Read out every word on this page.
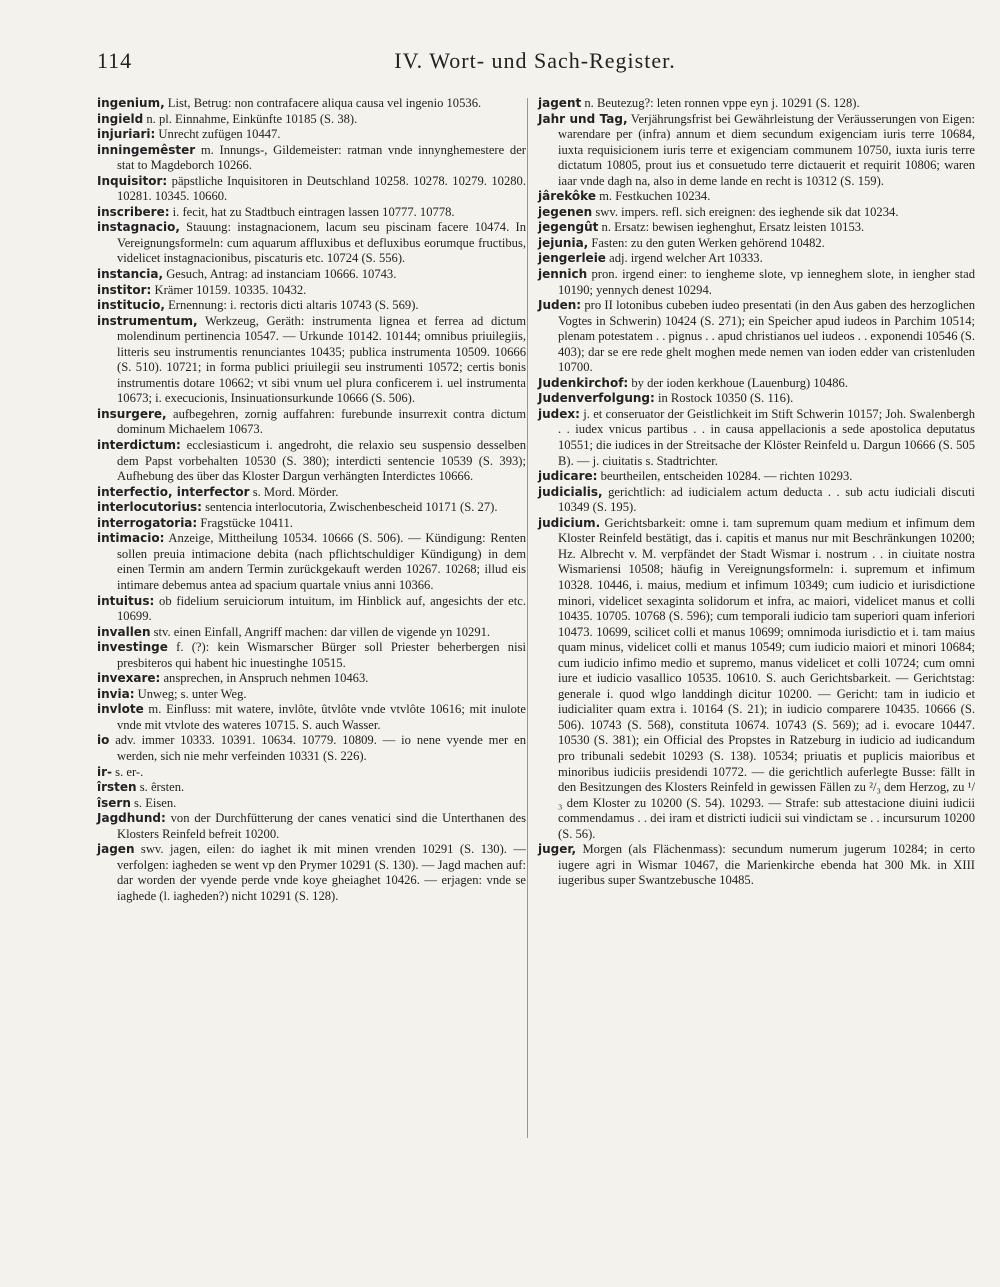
114	IV. Wort- und Sach-Register.

ingenium, List, Betrug: non contrafacere aliqua causa vel ingenio 10536.

ingield n. pl. Einnahme, Einkünfte 10185 (S. 38).

injuriari: Unrecht zufügen 10447.

inningemêster m. Innungs-, Gildemeister: ratman vnde innynghemestere der stat to Magdeborch 10266.

Inquisitor: päpstliche Inquisitoren in Deutschland 10258. 10278. 10279. 10280. 10281. 10345. 10660.

inscribere: i. fecit, hat zu Stadtbuch eintragen lassen 10777. 10778.

instagnacio, Stauung: instagnacionem, lacum seu piscinam facere 10474. In Vereignungsformeln: cum aquarum affluxibus et defluxibus eorumque fructibus, videlicet instagnacionibus, piscaturis etc. 10724 (S. 556).

instancia, Gesuch, Antrag: ad instanciam 10666. 10743.

institor: Krämer 10159. 10335. 10432.

institucio, Ernennung: i. rectoris dicti altaris 10743 (S. 569).

instrumentum, Werkzeug, Geräth: instrumenta lignea et ferrea ad dictum molendinum pertinencia 10547. — Urkunde 10142. 10144; omnibus priuilegiis, litteris seu instrumentis renunciantes 10435; publica instrumenta 10509. 10666 (S. 510). 10721; in forma publici priuilegii seu instrumenti 10572; certis bonis instrumentis dotare 10662; vt sibi vnum uel plura conficerem i. uel instrumenta 10673; i. execucionis, Insinuationsurkunde 10666 (S. 506).

insurgere, aufbegehren, zornig auffahren: furebunde insurrexit contra dictum dominum Michaelem 10673.

interdictum: ecclesiasticum i. angedroht, die relaxio seu suspensio desselben dem Papst vorbehalten 10530 (S. 380); interdicti sentencie 10539 (S. 393); Aufhebung des über das Kloster Dargun verhängten Interdictes 10666.

interfectio, interfector s. Mord. Mörder.

interlocutorius: sentencia interlocutoria, Zwischenbescheid 10171 (S. 27).

interrogatoria: Fragstücke 10411.

intimacio: Anzeige, Mittheilung 10534. 10666 (S. 506). — Kündigung: Renten sollen preuia intimacione debita (nach pflichtschuldiger Kündigung) in dem einen Termin am andern Termin zurückgekauft werden 10267. 10268; illud eis intimare debemus antea ad spacium quartale vnius anni 10366.

intuitus: ob fidelium seruiciorum intuitum, im Hinblick auf, angesichts der etc. 10699.

invallen stv. einen Einfall, Angriff machen: dar villen de vigende yn 10291.

investinge f. (?): kein Wismarscher Bürger soll Priester beherbergen nisi presbiteros qui habent hic inuestinghe 10515.

invexare: ansprechen, in Anspruch nehmen 10463.

invia: Unweg; s. unter Weg.

invlote m. Einfluss: mit watere, invlôte, ûtvlôte vnde vtvlôte 10616; mit inulote vnde mit vtvlote des wateres 10715. S. auch Wasser.

io adv. immer 10333. 10391. 10634. 10779. 10809. — io nene vyende mer en werden, sich nie mehr verfeinden 10331 (S. 226).

ir- s. er-.

îrsten s. êrsten.

îsern s. Eisen.

Jagdhund: von der Durchfütterung der canes venatici sind die Unterthanen des Klosters Reinfeld befreit 10200.

jagen swv. jagen, eilen: do iaghet ik mit minen vrenden 10291 (S. 130). — verfolgen: iagheden se went vp den Prymer 10291 (S. 130). — Jagd machen auf: dar worden der vyende perde vnde koye gheiaghet 10426. — erjagen: vnde se iaghede (l. iagheden?) nicht 10291 (S. 128).

jagent n. Beutezug?: leten ronnen vppe eyn j. 10291 (S. 128).

Jahr und Tag, Verjährungsfrist bei Gewährleistung der Veräusserungen von Eigen: warendare per (infra) annum et diem secundum exigenciam iuris terre 10684, iuxta requisicionem iuris terre et exigenciam communem 10750, iuxta iuris terre dictatum 10805, prout ius et consuetudo terre dictauerit et requirit 10806; waren iaar vnde dagh na, also in deme lande en recht is 10312 (S. 159).

jârekôke m. Festkuchen 10234.

jegenen swv. impers. refl. sich ereignen: des ieghende sik dat 10234.

jegengût n. Ersatz: bewisen ieghenghut, Ersatz leisten 10153.

jejunia, Fasten: zu den guten Werken gehörend 10482.

jengerleie adj. irgend welcher Art 10333.

jennich pron. irgend einer: to iengheme slote, vp ienneghem slote, in iengher stad 10190; yennych denest 10294.

Juden: pro II lotonibus cubeben iudeo presentati (in den Aus gaben des herzoglichen Vogtes in Schwerin) 10424 (S. 271); ein Speicher apud iudeos in Parchim 10514; plenam potestatem . . pignus . . apud christianos uel iudeos . . exponendi 10546 (S. 403); dar se ere rede ghelt moghen mede nemen van ioden edder van cristenluden 10700.

Judenkirchof: by der ioden kerkhoue (Lauenburg) 10486.

Judenverfolgung: in Rostock 10350 (S. 116).

judex: j. et conseruator der Geistlichkeit im Stift Schwerin 10157; Joh. Swalenbergh . . iudex vnicus partibus . . in causa appellacionis a sede apostolica deputatus 10551; die iudices in der Streitsache der Klöster Reinfeld u. Dargun 10666 (S. 505 B). — j. ciuitatis s. Stadtrichter.

judicare: beurtheilen, entscheiden 10284. — richten 10293.

judicialis, gerichtlich: ad iudicialem actum deducta . . sub actu iudiciali discuti 10349 (S. 195).

judicium. Gerichtsbarkeit: omne i. tam supremum quam medium et infimum dem Kloster Reinfeld bestätigt, das i. capitis et manus nur mit Beschränkungen 10200; Hz. Albrecht v. M. verpfändet der Stadt Wismar i. nostrum . . in ciuitate nostra Wismariensi 10508; häufig in Vereignungsformeln: i. supremum et infimum 10328. 10446, i. maius, medium et infimum 10349; cum iudicio et iurisdictione minori, videlicet sexaginta solidorum et infra, ac maiori, videlicet manus et colli 10435. 10705. 10768 (S. 596); cum temporali iudicio tam superiori quam inferiori 10473. 10699, scilicet colli et manus 10699; omnimoda iurisdictio et i. tam maius quam minus, videlicet colli et manus 10549; cum iudicio maiori et minori 10684; cum iudicio infimo medio et supremo, manus videlicet et colli 10724; cum omni iure et iudicio vasallico 10535. 10610. S. auch Gerichtsbarkeit. — Gerichtstag: generale i. quod wlgo landdingh dicitur 10200. — Gericht: tam in iudicio et iudicialiter quam extra i. 10164 (S. 21); in iudicio comparere 10435. 10666 (S. 506). 10743 (S. 568), constituta 10674. 10743 (S. 569); ad i. evocare 10447. 10530 (S. 381); ein Official des Propstes in Ratzeburg in iudicio ad iudicandum pro tribunali sedebit 10293 (S. 138). 10534; priuatis et puplicis maioribus et minoribus iudiciis presidendi 10772. — die gerichtlich auferlegte Busse: fällt in den Besitzungen des Klosters Reinfeld in gewissen Fällen zu ²/₃ dem Herzog, zu ¹/₃ dem Kloster zu 10200 (S. 54). 10293. — Strafe: sub attestacione diuini iudicii commendamus . . dei iram et districti iudicii sui vindictam se . . incursurum 10200 (S. 56).

juger, Morgen (als Flächenmass): secundum numerum jugerum 10284; in certo iugere agri in Wismar 10467, die Marienkirche ebenda hat 300 Mk. in XIII iugeribus super Swantzebusche 10485.
